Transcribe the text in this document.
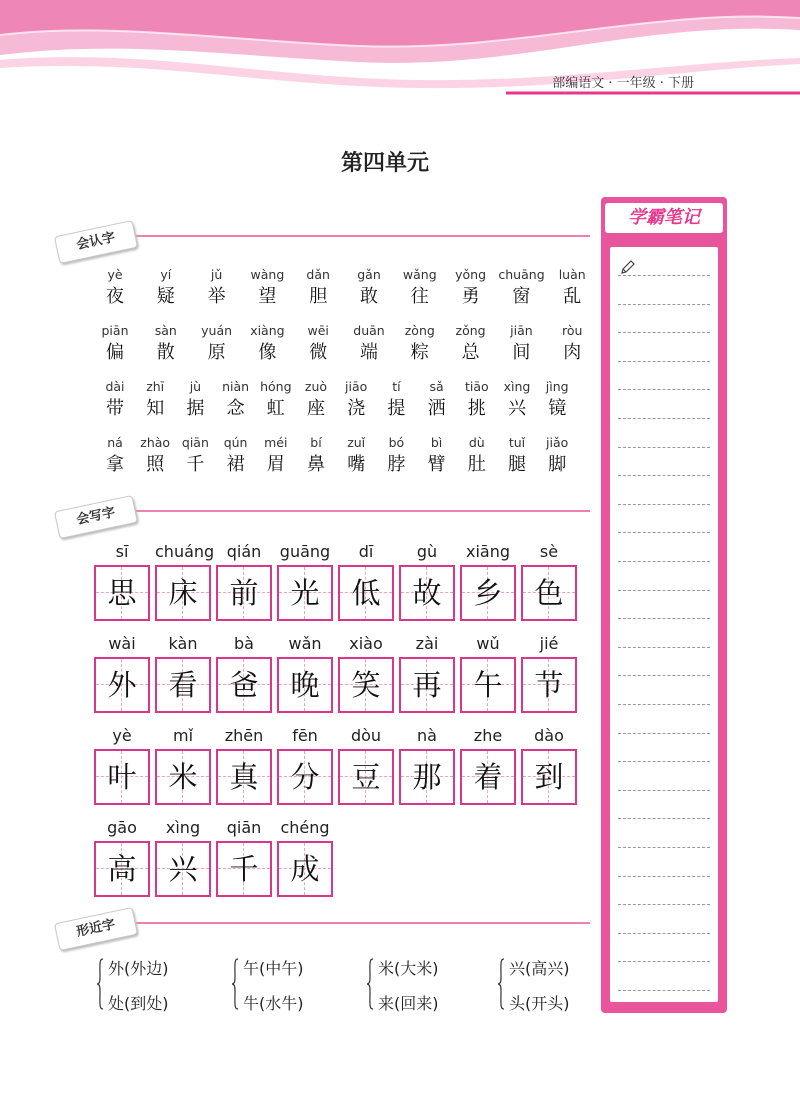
部编语文 · 一年级 · 下册
第四单元
会认字
yè
夜
yí
疑
jǔ
举
wàng
望
dǎn
胆
gǎn
敢
wǎng
往
yǒng
勇
chuāng
窗
luàn
乱
piān
偏
sàn
散
yuán
原
xiàng
像
wēi
微
duān
端
zòng
粽
zǒng
总
jiān
间
ròu
肉
dài
带
zhī
知
jù
据
niàn
念
hóng
虹
zuò
座
jiāo
浇
tí
提
sǎ
洒
tiāo
挑
xìng
兴
jìng
镜
ná
拿
zhào
照
qiān
千
qún
裙
méi
眉
bí
鼻
zuǐ
嘴
bó
脖
bì
臂
dù
肚
tuǐ
腿
jiǎo
脚
会写字
sī
思
chuáng
床
qián
前
guāng
光
dī
低
gù
故
xiāng
乡
sè
色
wài
外
kàn
看
bà
爸
wǎn
晚
xiào
笑
zài
再
wǔ
午
jié
节
yè
叶
mǐ
米
zhēn
真
fēn
分
dòu
豆
nà
那
zhe
着
dào
到
gāo
高
xìng
兴
qiān
千
chéng
成
形近字
外(外边)
处(到处)
午(中午)
牛(水牛)
米(大米)
来(回来)
兴(高兴)
头(开头)
学霸笔记
